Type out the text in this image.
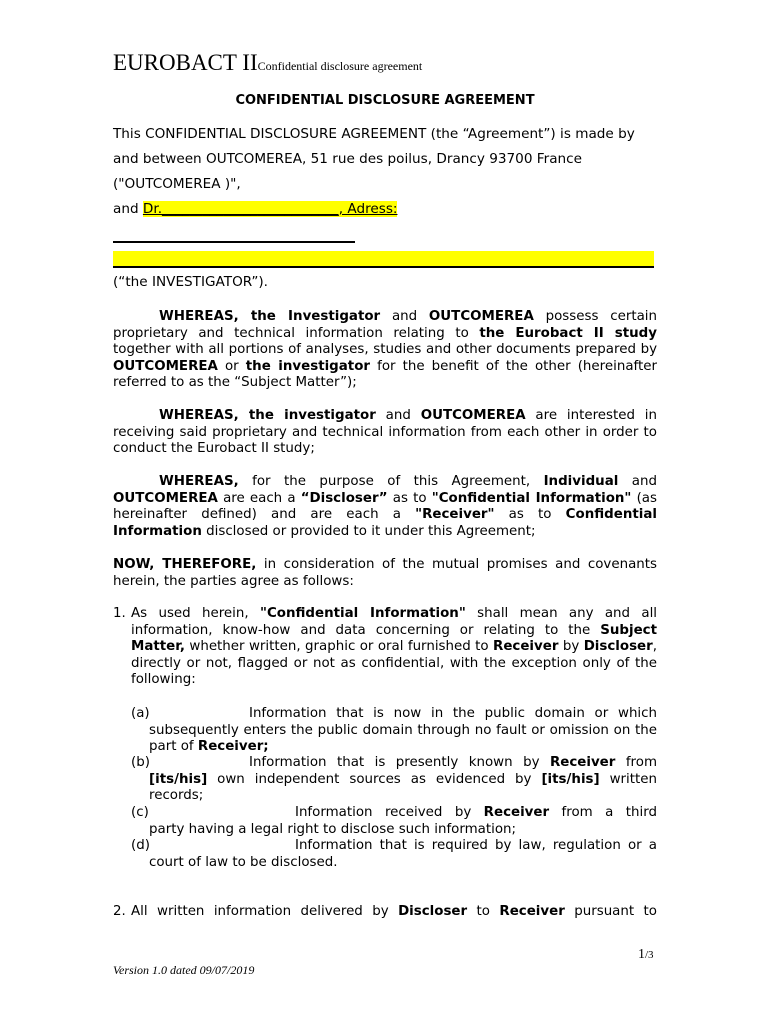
EUROBACT IIConfidential disclosure agreement
CONFIDENTIAL DISCLOSURE AGREEMENT
This CONFIDENTIAL DISCLOSURE AGREEMENT (the “Agreement”) is made by
and between OUTCOMEREA, 51 rue des poilus, Drancy 93700 France
("OUTCOMEREA )",
and Dr.__________________________, Adress:
(“the INVESTIGATOR”).
WHEREAS, the Investigator and OUTCOMEREA possess certain proprietary and technical information relating to the Eurobact II study together with all portions of analyses, studies and other documents prepared by OUTCOMEREA or the investigator for the benefit of the other (hereinafter referred to as the “Subject Matter”);
WHEREAS, the investigator and OUTCOMEREA are interested in receiving said proprietary and technical information from each other in order to conduct the Eurobact II study;
WHEREAS, for the purpose of this Agreement, Individual and OUTCOMEREA are each a “Discloser” as to "Confidential Information" (as hereinafter defined) and are each a "Receiver" as to Confidential Information disclosed or provided to it under this Agreement;
NOW, THEREFORE, in consideration of the mutual promises and covenants herein, the parties agree as follows:
1. As used herein, "Confidential Information" shall mean any and all information, know-how and data concerning or relating to the Subject Matter, whether written, graphic or oral furnished to Receiver by Discloser, directly or not, flagged or not as confidential, with the exception only of the following:
(a)	Information that is now in the public domain or which
subsequently enters the public domain through no fault or omission on the part of Receiver;
(b)	Information that is presently known by Receiver from
[its/his] own independent sources as evidenced by [its/his] written records;
(c)	Information received by Receiver from a third
party having a legal right to disclose such information;
(d)	Information that is required by law, regulation or a
court of law to be disclosed.
2. All written information delivered by Discloser to Receiver pursuant to
1/3
Version 1.0 dated 09/07/2019
